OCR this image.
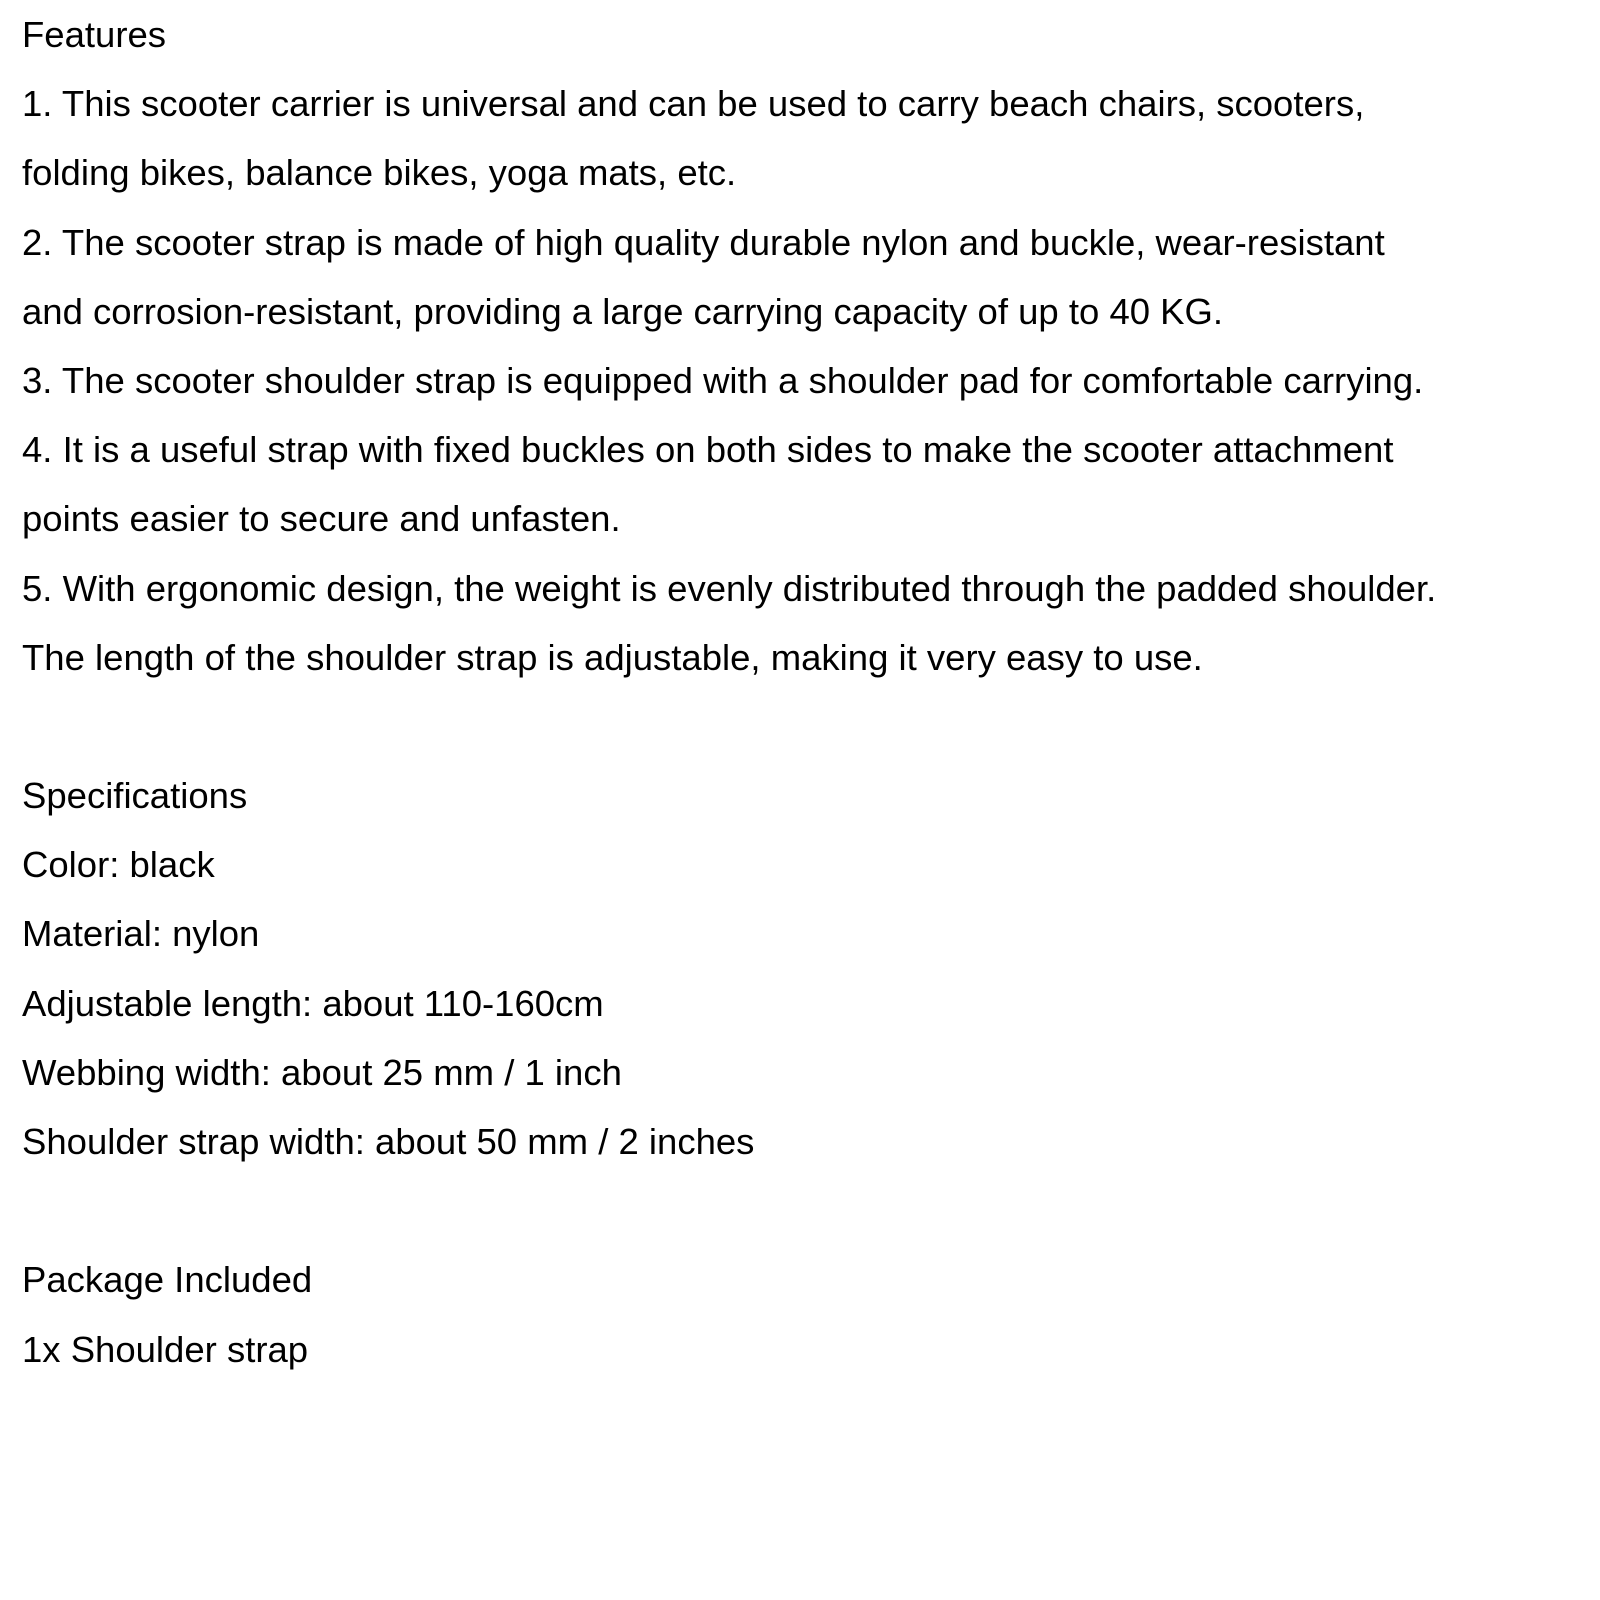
Features
1. This scooter carrier is universal and can be used to carry beach chairs, scooters,
folding bikes, balance bikes, yoga mats, etc.
2. The scooter strap is made of high quality durable nylon and buckle, wear-resistant
and corrosion-resistant, providing a large carrying capacity of up to 40 KG.
3. The scooter shoulder strap is equipped with a shoulder pad for comfortable carrying.
4. It is a useful strap with fixed buckles on both sides to make the scooter attachment
points easier to secure and unfasten.
5. With ergonomic design, the weight is evenly distributed through the padded shoulder.
The length of the shoulder strap is adjustable, making it very easy to use.
Specifications
Color: black
Material: nylon
Adjustable length: about 110-160cm
Webbing width: about 25 mm / 1 inch
Shoulder strap width: about 50 mm / 2 inches
Package Included
1x Shoulder strap
